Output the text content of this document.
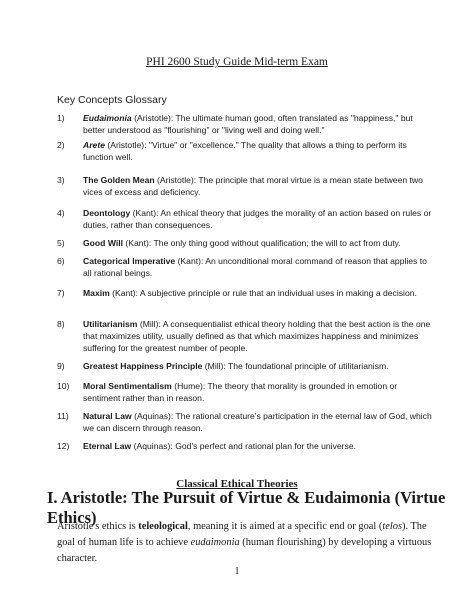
PHI 2600 Study Guide Mid-term Exam
Key Concepts Glossary
1)	Eudaimonia (Aristotle): The ultimate human good, often translated as "happiness," but better understood as "flourishing" or "living well and doing well."
2)	Arete (Aristotle): "Virtue" or "excellence." The quality that allows a thing to perform its function well.
3)	The Golden Mean (Aristotle): The principle that moral virtue is a mean state between two vices of excess and deficiency.
4)	Deontology (Kant): An ethical theory that judges the morality of an action based on rules or duties, rather than consequences.
5)	Good Will (Kant): The only thing good without qualification; the will to act from duty.
6)	Categorical Imperative (Kant): An unconditional moral command of reason that applies to all rational beings.
7)	Maxim (Kant): A subjective principle or rule that an individual uses in making a decision.
8)	Utilitarianism (Mill): A consequentialist ethical theory holding that the best action is the one that maximizes utility, usually defined as that which maximizes happiness and minimizes suffering for the greatest number of people.
9)	Greatest Happiness Principle (Mill): The foundational principle of utilitarianism.
10)	Moral Sentimentalism (Hume): The theory that morality is grounded in emotion or sentiment rather than in reason.
11)	Natural Law (Aquinas): The rational creature's participation in the eternal law of God, which we can discern through reason.
12)	Eternal Law (Aquinas): God's perfect and rational plan for the universe.
Classical Ethical Theories
I. Aristotle: The Pursuit of Virtue & Eudaimonia (Virtue Ethics)
Aristotle's ethics is teleological, meaning it is aimed at a specific end or goal (telos). The goal of human life is to achieve eudaimonia (human flourishing) by developing a virtuous character.
1
